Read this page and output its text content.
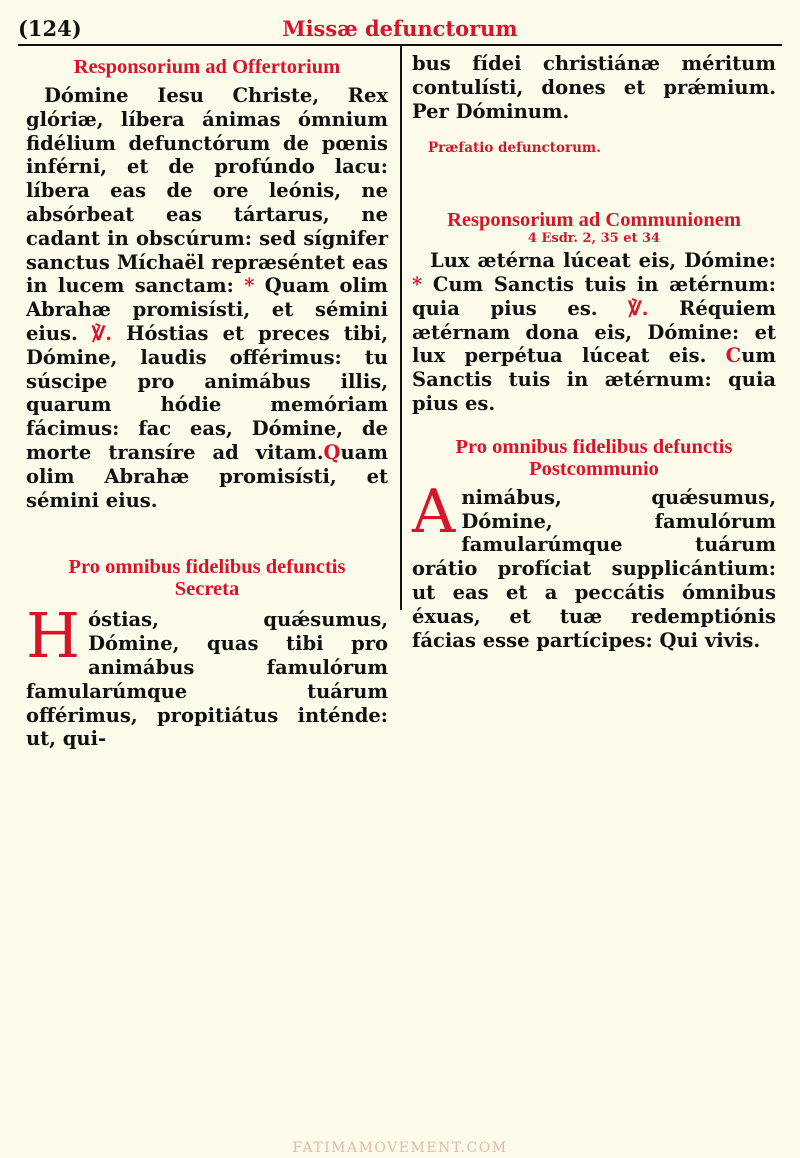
(124)	Missæ defunctorum
Responsorium ad Offertorium

Dómine Iesu Christe, Rex glóriæ, líbera ánimas ómnium fidélium defunctórum de pœnis inférni, et de profúndo lacu: líbera eas de ore leónis, ne absórbeat eas tártarus, ne cadant in obscúrum: sed sígnifer sanctus Míchaël repræséntet eas in lucem sanctam: * Quam olim Abrahæ promisísti, et sémini eius. ℣. Hóstias et preces tibi, Dómine, laudis offérimus: tu súscipe pro animábus illis, quarum hódie memóriam fácimus: fac eas, Dómine, de morte transíre ad vitam.Quam olim Abrahæ promisísti, et sémini eius.

Pro omnibus fidelibus defunctis
Secreta

Hóstias, quǽsumus, Dómine, quas tibi pro animábus famulórum famularúmque tuárum offérimus, propitiátus inténde: ut, qui-

bus fídei christiánæ méritum contulísti, dones et prǽmium. Per Dóminum.

Præfatio defunctorum.
Responsorium ad Communionem
4 Esdr. 2, 35 et 34

Lux ætérna lúceat eis, Dómine: * Cum Sanctis tuis in ætérnum: quia pius es. ℣. Réquiem ætérnam dona eis, Dómine: et lux perpétua lúceat eis. Cum Sanctis tuis in ætérnum: quia pius es.

Pro omnibus fidelibus defunctis
Postcommunio

Animábus, quǽsumus, Dómine, famulórum famularúmque tuárum orátio profíciat supplicántium: ut eas et a peccátis ómnibus éxuas, et tuæ redemptiónis fácias esse partícipes: Qui vivis.

FATIMAMOVEMENT.COM
